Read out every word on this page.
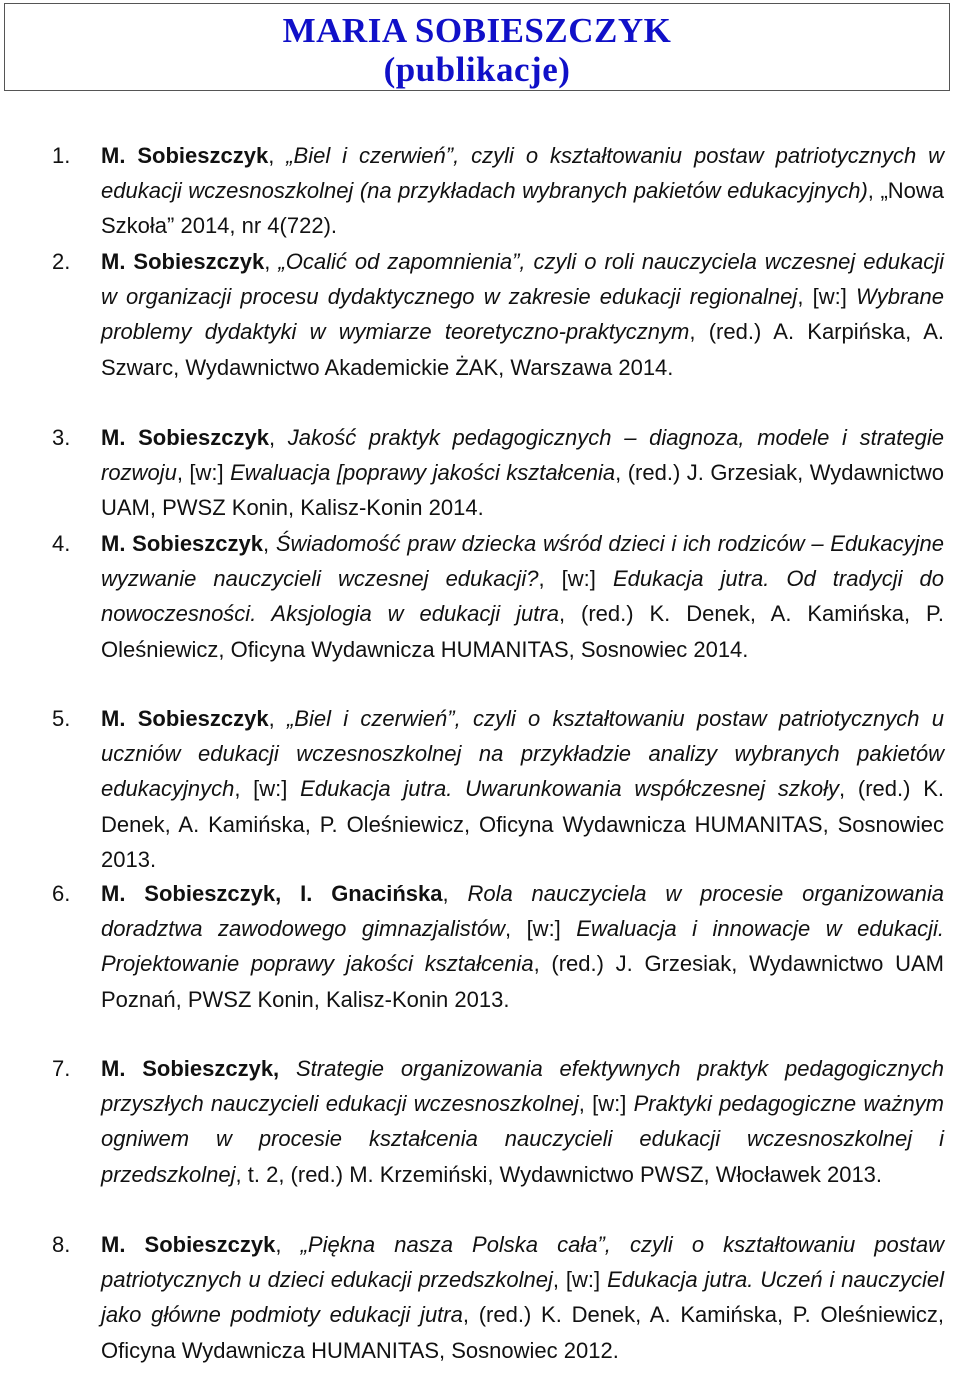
MARIA SOBIESZCZYK
(publikacje)
1. M. Sobieszczyk, „Biel i czerwień”, czyli o kształtowaniu postaw patriotycznych w edukacji wczesnoszkolnej (na przykładach wybranych pakietów edukacyjnych), „Nowa Szkoła” 2014, nr 4(722).

2. M. Sobieszczyk, „Ocalić od zapomnienia”, czyli o roli nauczyciela wczesnej edukacji w organizacji procesu dydaktycznego w zakresie edukacji regionalnej, [w:] Wybrane problemy dydaktyki w wymiarze teoretyczno-praktycznym, (red.) A. Karpińska, A. Szwarc, Wydawnictwo Akademickie ŻAK, Warszawa 2014.

3. M. Sobieszczyk, Jakość praktyk pedagogicznych – diagnoza, modele i strategie rozwoju, [w:] Ewaluacja [poprawy jakości kształcenia, (red.) J. Grzesiak, Wydawnictwo UAM, PWSZ Konin, Kalisz-Konin 2014.

4. M. Sobieszczyk, Świadomość praw dziecka wśród dzieci i ich rodziców – Edukacyjne wyzwanie nauczycieli wczesnej edukacji?, [w:] Edukacja jutra. Od tradycji do nowoczesności. Aksjologia w edukacji jutra, (red.) K. Denek, A. Kamińska, P. Oleśniewicz, Oficyna Wydawnicza HUMANITAS, Sosnowiec 2014.

5. M. Sobieszczyk, „Biel i czerwień”, czyli o kształtowaniu postaw patriotycznych u uczniów edukacji wczesnoszkolnej na przykładzie analizy wybranych pakietów edukacyjnych, [w:] Edukacja jutra. Uwarunkowania współczesnej szkoły, (red.) K. Denek, A. Kamińska, P. Oleśniewicz, Oficyna Wydawnicza HUMANITAS, Sosnowiec 2013.

6. M. Sobieszczyk, I. Gnacińska, Rola nauczyciela w procesie organizowania doradztwa zawodowego gimnazjalistów, [w:] Ewaluacja i innowacje w edukacji. Projektowanie poprawy jakości kształcenia, (red.) J. Grzesiak, Wydawnictwo UAM Poznań, PWSZ Konin, Kalisz-Konin 2013.

7. M. Sobieszczyk, Strategie organizowania efektywnych praktyk pedagogicznych przyszłych nauczycieli edukacji wczesnoszkolnej, [w:] Praktyki pedagogiczne ważnym ogniwem w procesie kształcenia nauczycieli edukacji wczesnoszkolnej i przedszkolnej, t. 2, (red.) M. Krzemiński, Wydawnictwo PWSZ, Włocławek 2013.

8. M. Sobieszczyk, „Piękna nasza Polska cała”, czyli o kształtowaniu postaw patriotycznych u dzieci edukacji przedszkolnej, [w:] Edukacja jutra. Uczeń i nauczyciel jako główne podmioty edukacji jutra, (red.) K. Denek, A. Kamińska, P. Oleśniewicz, Oficyna Wydawnicza HUMANITAS, Sosnowiec 2012.
